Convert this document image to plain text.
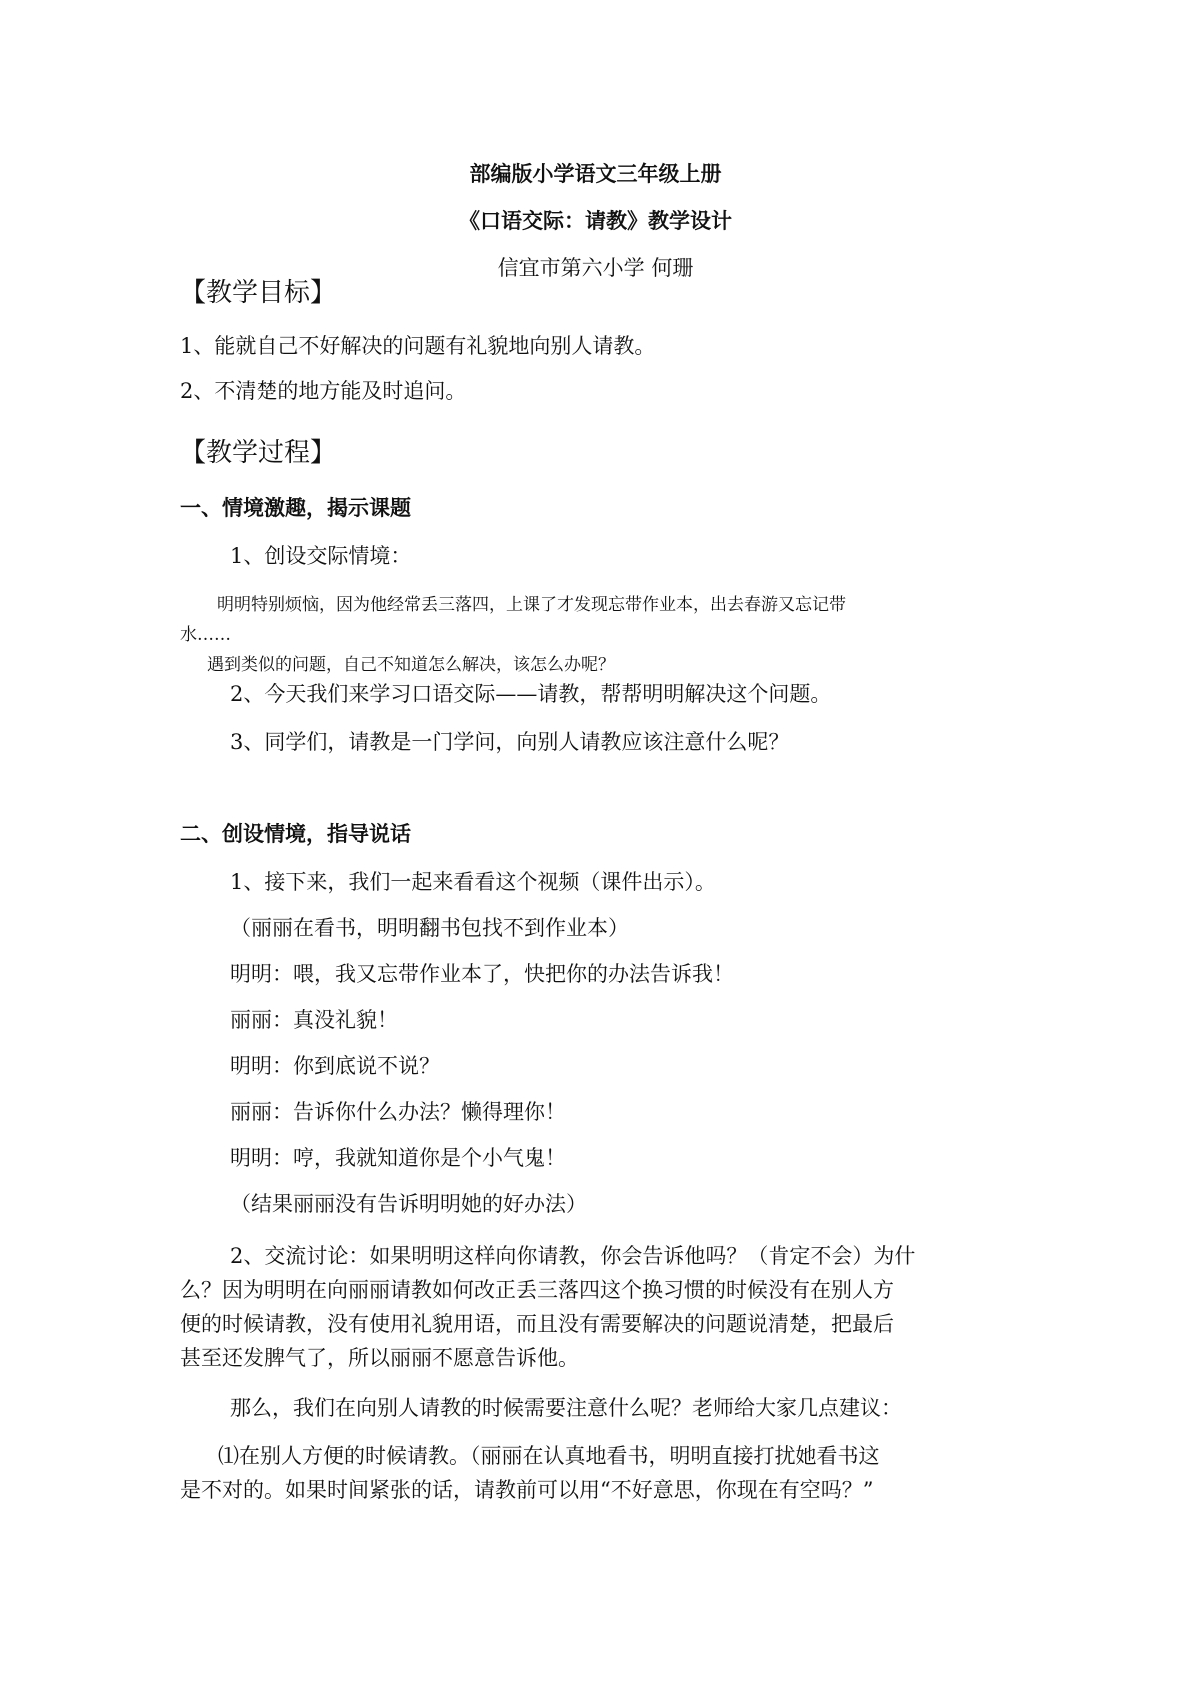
部编版小学语文三年级上册
《口语交际：请教》教学设计
信宜市第六小学 何珊
【教学目标】
1、能就自己不好解决的问题有礼貌地向别人请教。
2、不清楚的地方能及时追问。
【教学过程】
一、情境激趣，揭示课题
1、创设交际情境：
明明特别烦恼，因为他经常丢三落四，上课了才发现忘带作业本，出去春游又忘记带
水……
遇到类似的问题，自己不知道怎么解决，该怎么办呢？
2、今天我们来学习口语交际——请教，帮帮明明解决这个问题。
3、同学们，请教是一门学问，向别人请教应该注意什么呢？
二、创设情境，指导说话
1、接下来，我们一起来看看这个视频（课件出示）。
（丽丽在看书，明明翻书包找不到作业本）
明明：喂，我又忘带作业本了，快把你的办法告诉我！
丽丽：真没礼貌！
明明：你到底说不说？
丽丽：告诉你什么办法？懒得理你！
明明：哼，我就知道你是个小气鬼！
（结果丽丽没有告诉明明她的好办法）
2、交流讨论：如果明明这样向你请教，你会告诉他吗？（肯定不会）为什
么？因为明明在向丽丽请教如何改正丢三落四这个换习惯的时候没有在别人方
便的时候请教，没有使用礼貌用语，而且没有需要解决的问题说清楚，把最后
甚至还发脾气了，所以丽丽不愿意告诉他。
那么，我们在向别人请教的时候需要注意什么呢？老师给大家几点建议：
⑴在别人方便的时候请教。（丽丽在认真地看书，明明直接打扰她看书这
是不对的。如果时间紧张的话，请教前可以用“不好意思，你现在有空吗？”
